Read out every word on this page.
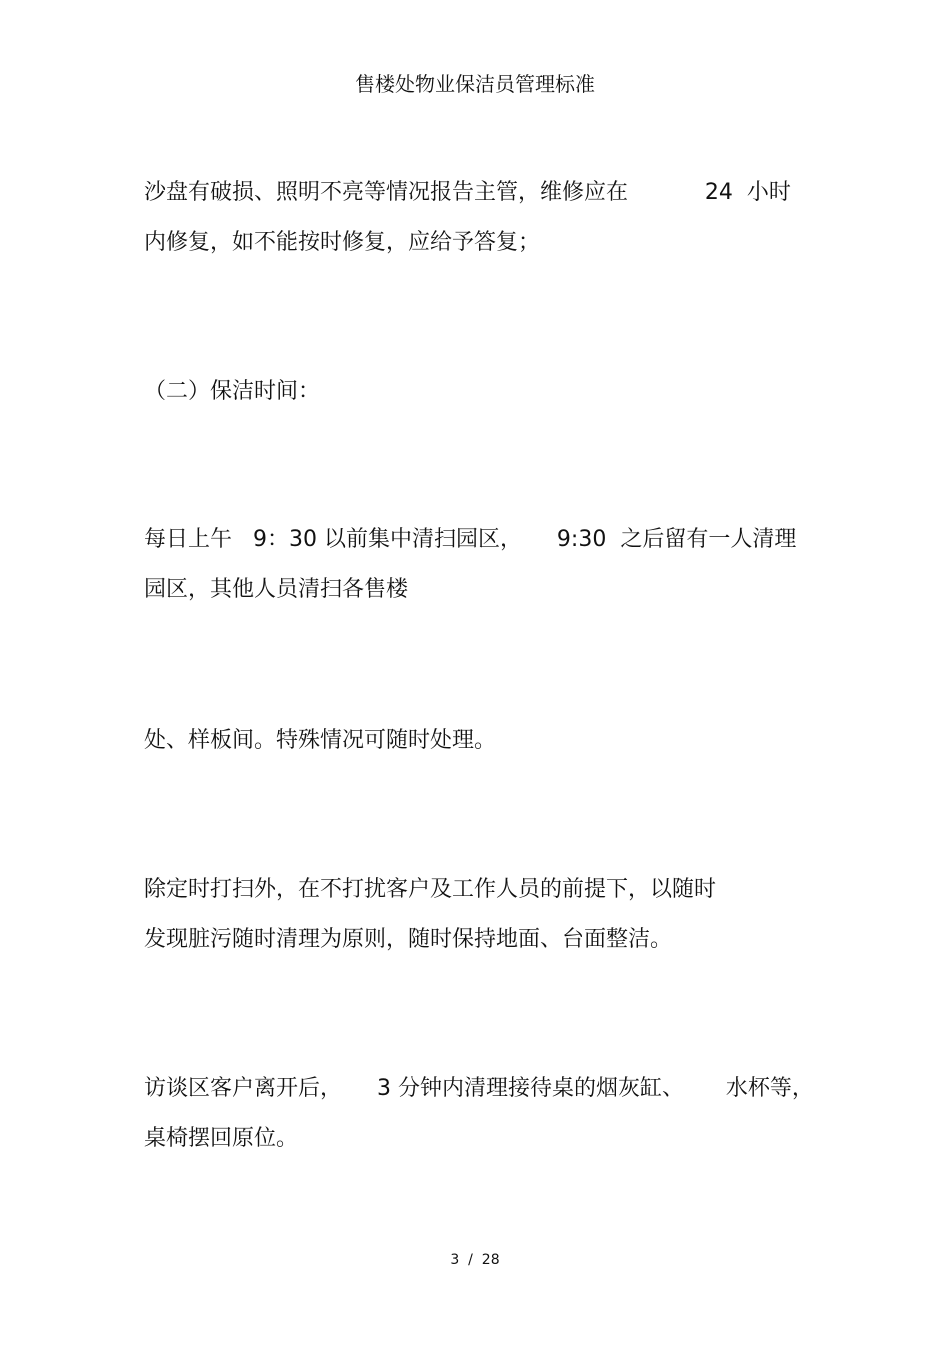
售楼处物业保洁员管理标准
沙盘有破损、照明不亮等情况报告主管，维修应在           24  小时
内修复，如不能按时修复，应给予答复；
（二）保洁时间：
每日上午   9：30 以前集中清扫园区，     9:30  之后留有一人清理
园区，其他人员清扫各售楼
处、样板间。特殊情况可随时处理。
除定时打扫外，在不打扰客户及工作人员的前提下，以随时
发现脏污随时清理为原则，随时保持地面、台面整洁。
访谈区客户离开后，     3 分钟内清理接待桌的烟灰缸、      水杯等，
桌椅摆回原位。
3  /  28
